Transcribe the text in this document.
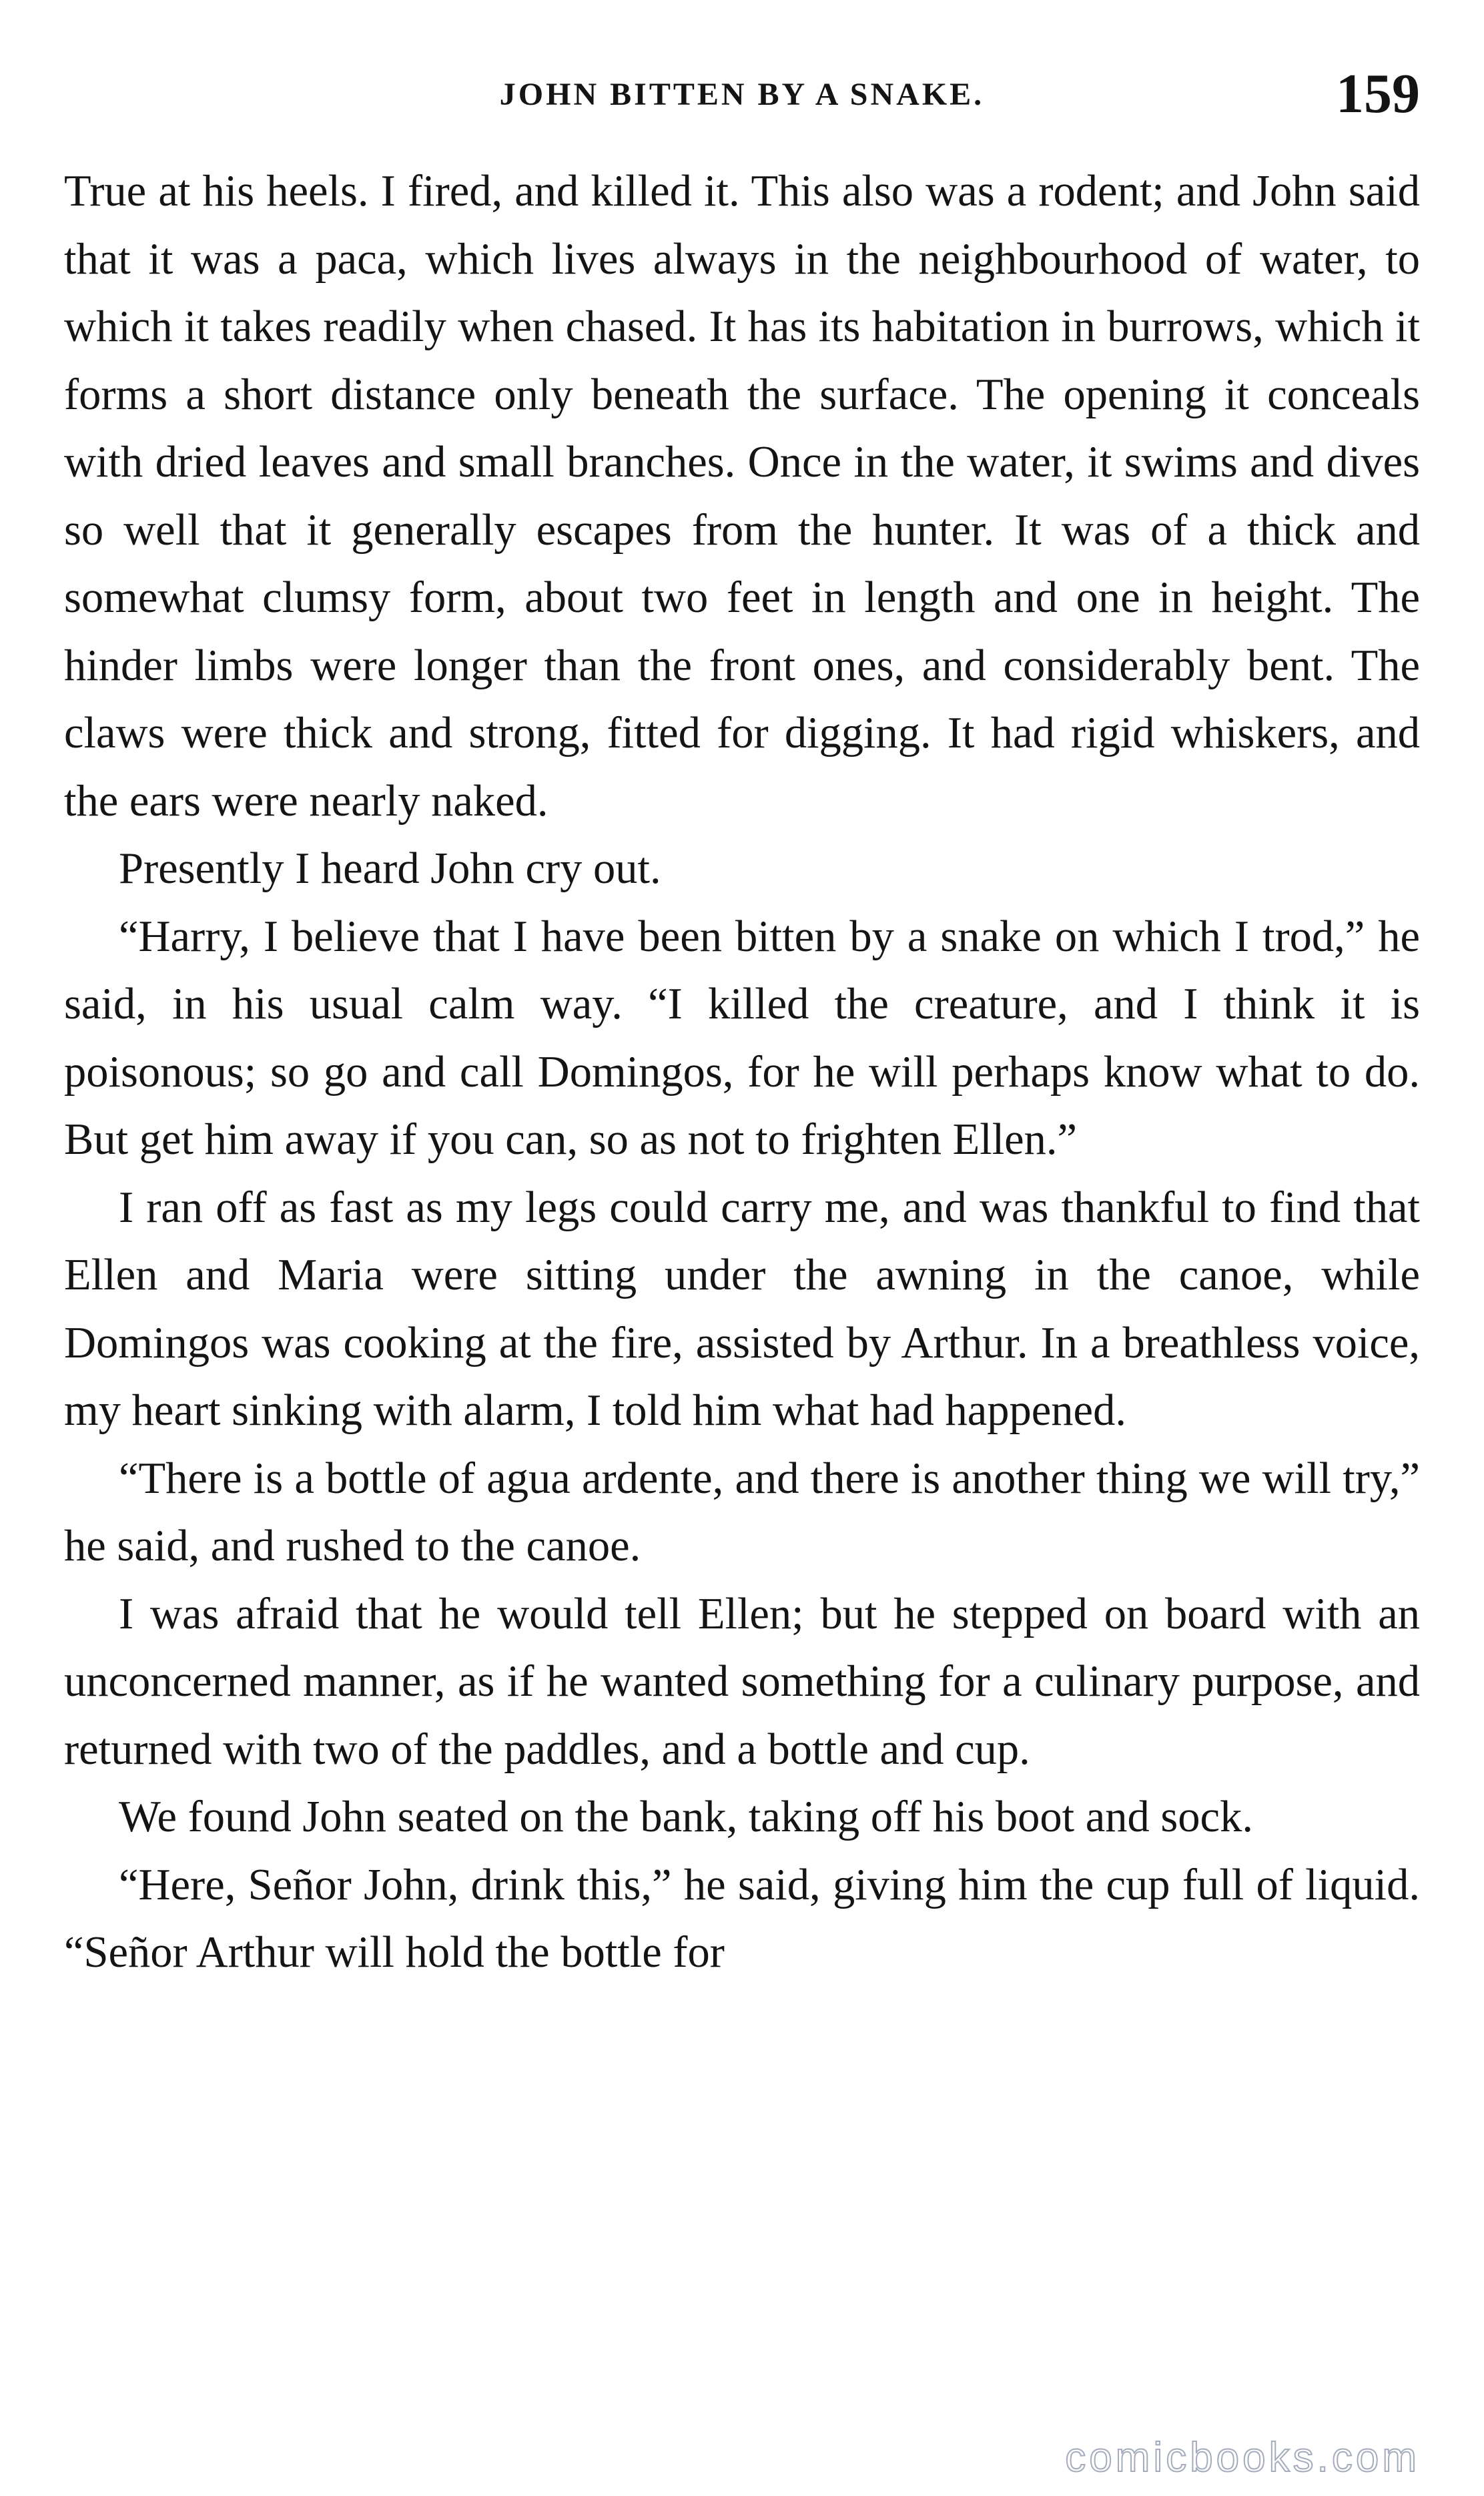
JOHN BITTEN BY A SNAKE.	159

True at his heels. I fired, and killed it. This also was a rodent; and John said that it was a paca, which lives always in the neighbourhood of water, to which it takes readily when chased. It has its habitation in burrows, which it forms a short distance only beneath the surface. The opening it conceals with dried leaves and small branches. Once in the water, it swims and dives so well that it generally escapes from the hunter. It was of a thick and somewhat clumsy form, about two feet in length and one in height. The hinder limbs were longer than the front ones, and considerably bent. The claws were thick and strong, fitted for digging. It had rigid whiskers, and the ears were nearly naked.

Presently I heard John cry out.

“Harry, I believe that I have been bitten by a snake on which I trod,” he said, in his usual calm way. “I killed the creature, and I think it is poisonous; so go and call Domingos, for he will perhaps know what to do. But get him away if you can, so as not to frighten Ellen.”

I ran off as fast as my legs could carry me, and was thankful to find that Ellen and Maria were sitting under the awning in the canoe, while Domingos was cooking at the fire, assisted by Arthur. In a breathless voice, my heart sinking with alarm, I told him what had happened.

“There is a bottle of agua ardente, and there is another thing we will try,” he said, and rushed to the canoe.

I was afraid that he would tell Ellen; but he stepped on board with an unconcerned manner, as if he wanted something for a culinary purpose, and returned with two of the paddles, and a bottle and cup.

We found John seated on the bank, taking off his boot and sock.

“Here, Señor John, drink this,” he said, giving him the cup full of liquid. “Señor Arthur will hold the bottle for

comicbooks.com
